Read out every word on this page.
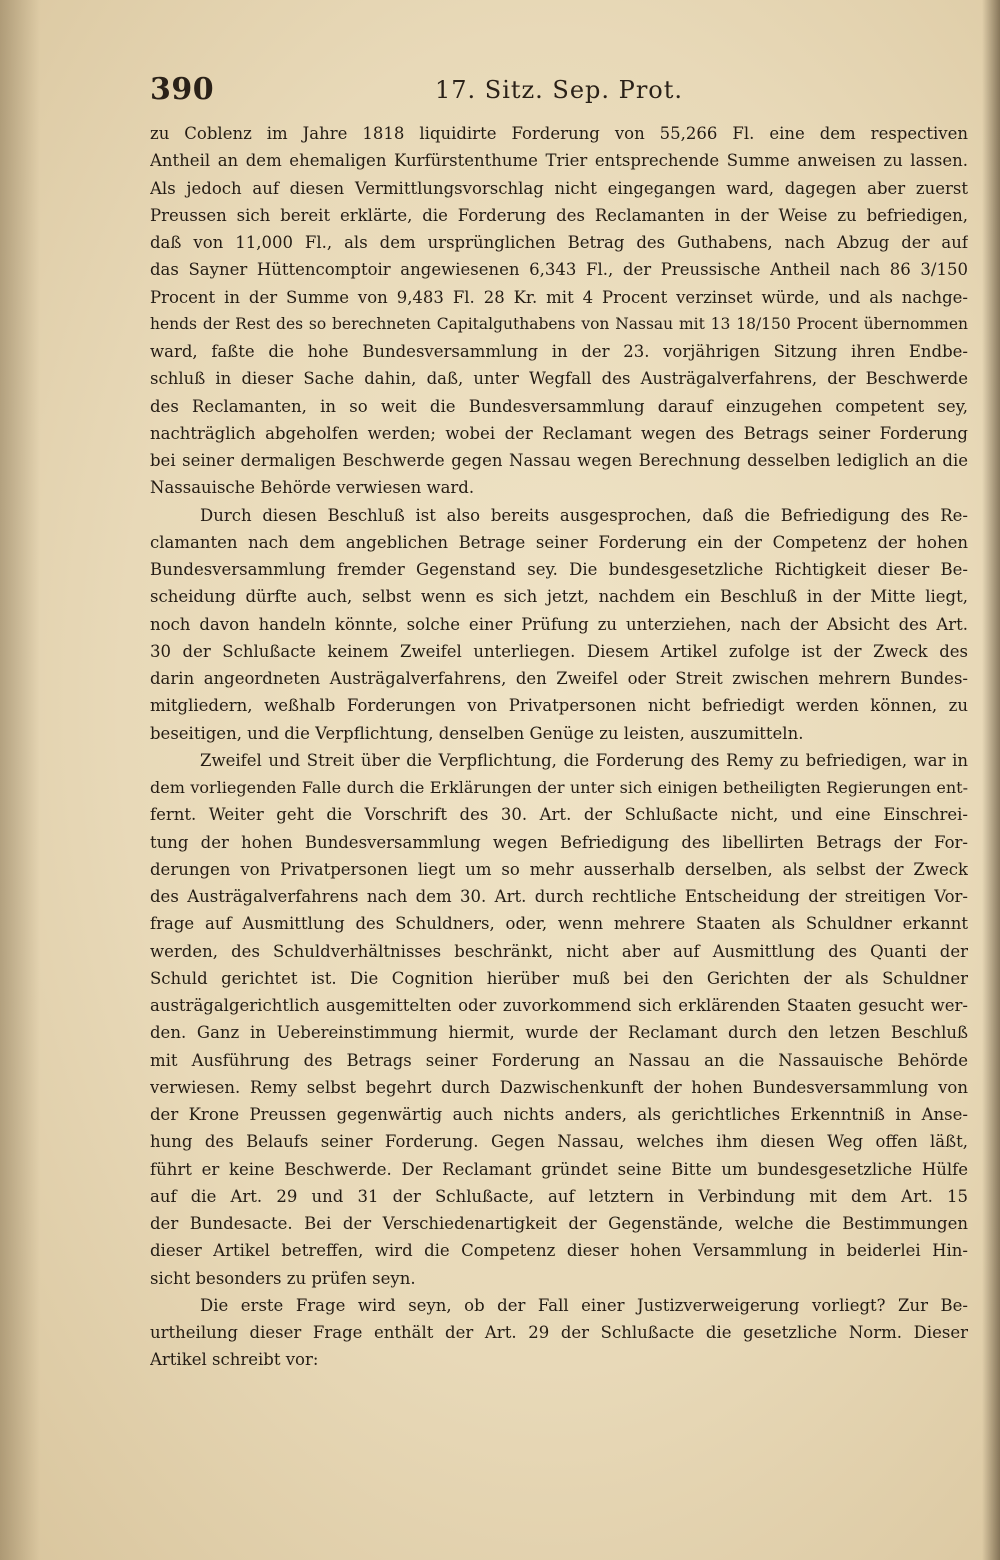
390	17. Sitz. Sep. Prot.
zu Coblenz im Jahre 1818 liquidirte Forderung von 55,266 Fl. eine dem respectiven
Antheil an dem ehemaligen Kurfürstenthume Trier entsprechende Summe anweisen zu lassen.
Als jedoch auf diesen Vermittlungsvorschlag nicht eingegangen ward, dagegen aber zuerst
Preussen sich bereit erklärte, die Forderung des Reclamanten in der Weise zu befriedigen,
daß von 11,000 Fl., als dem ursprünglichen Betrag des Guthabens, nach Abzug der auf
das Sayner Hüttencomptoir angewiesenen 6,343 Fl., der Preussische Antheil nach 86 3/150
Procent in der Summe von 9,483 Fl. 28 Kr. mit 4 Procent verzinset würde, und als nachge-
hends der Rest des so berechneten Capitalguthabens von Nassau mit 13 18/150 Procent übernommen
ward, faßte die hohe Bundesversammlung in der 23. vorjährigen Sitzung ihren Endbe-
schluß in dieser Sache dahin, daß, unter Wegfall des Austrägalverfahrens, der Beschwerde
des Reclamanten, in so weit die Bundesversammlung darauf einzugehen competent sey,
nachträglich abgeholfen werden; wobei der Reclamant wegen des Betrags seiner Forderung
bei seiner dermaligen Beschwerde gegen Nassau wegen Berechnung desselben lediglich an die
Nassauische Behörde verwiesen ward.
Durch diesen Beschluß ist also bereits ausgesprochen, daß die Befriedigung des Re-
clamanten nach dem angeblichen Betrage seiner Forderung ein der Competenz der hohen
Bundesversammlung fremder Gegenstand sey. Die bundesgesetzliche Richtigkeit dieser Be-
scheidung dürfte auch, selbst wenn es sich jetzt, nachdem ein Beschluß in der Mitte liegt,
noch davon handeln könnte, solche einer Prüfung zu unterziehen, nach der Absicht des Art.
30 der Schlußacte keinem Zweifel unterliegen. Diesem Artikel zufolge ist der Zweck des
darin angeordneten Austrägalverfahrens, den Zweifel oder Streit zwischen mehrern Bundes-
mitgliedern, weßhalb Forderungen von Privatpersonen nicht befriedigt werden können, zu
beseitigen, und die Verpflichtung, denselben Genüge zu leisten, auszumitteln.
Zweifel und Streit über die Verpflichtung, die Forderung des Remy zu befriedigen, war in
dem vorliegenden Falle durch die Erklärungen der unter sich einigen betheiligten Regierungen ent-
fernt. Weiter geht die Vorschrift des 30. Art. der Schlußacte nicht, und eine Einschrei-
tung der hohen Bundesversammlung wegen Befriedigung des libellirten Betrags der For-
derungen von Privatpersonen liegt um so mehr ausserhalb derselben, als selbst der Zweck
des Austrägalverfahrens nach dem 30. Art. durch rechtliche Entscheidung der streitigen Vor-
frage auf Ausmittlung des Schuldners, oder, wenn mehrere Staaten als Schuldner erkannt
werden, des Schuldverhältnisses beschränkt, nicht aber auf Ausmittlung des Quanti der
Schuld gerichtet ist. Die Cognition hierüber muß bei den Gerichten der als Schuldner
austrägalgerichtlich ausgemittelten oder zuvorkommend sich erklärenden Staaten gesucht wer-
den. Ganz in Uebereinstimmung hiermit, wurde der Reclamant durch den letzen Beschluß
mit Ausführung des Betrags seiner Forderung an Nassau an die Nassauische Behörde
verwiesen. Remy selbst begehrt durch Dazwischenkunft der hohen Bundesversammlung von
der Krone Preussen gegenwärtig auch nichts anders, als gerichtliches Erkenntniß in Anse-
hung des Belaufs seiner Forderung. Gegen Nassau, welches ihm diesen Weg offen läßt,
führt er keine Beschwerde. Der Reclamant gründet seine Bitte um bundesgesetzliche Hülfe
auf die Art. 29 und 31 der Schlußacte, auf letztern in Verbindung mit dem Art. 15
der Bundesacte. Bei der Verschiedenartigkeit der Gegenstände, welche die Bestimmungen
dieser Artikel betreffen, wird die Competenz dieser hohen Versammlung in beiderlei Hin-
sicht besonders zu prüfen seyn.
Die erste Frage wird seyn, ob der Fall einer Justizverweigerung vorliegt? Zur Be-
urtheilung dieser Frage enthält der Art. 29 der Schlußacte die gesetzliche Norm. Dieser
Artikel schreibt vor:
